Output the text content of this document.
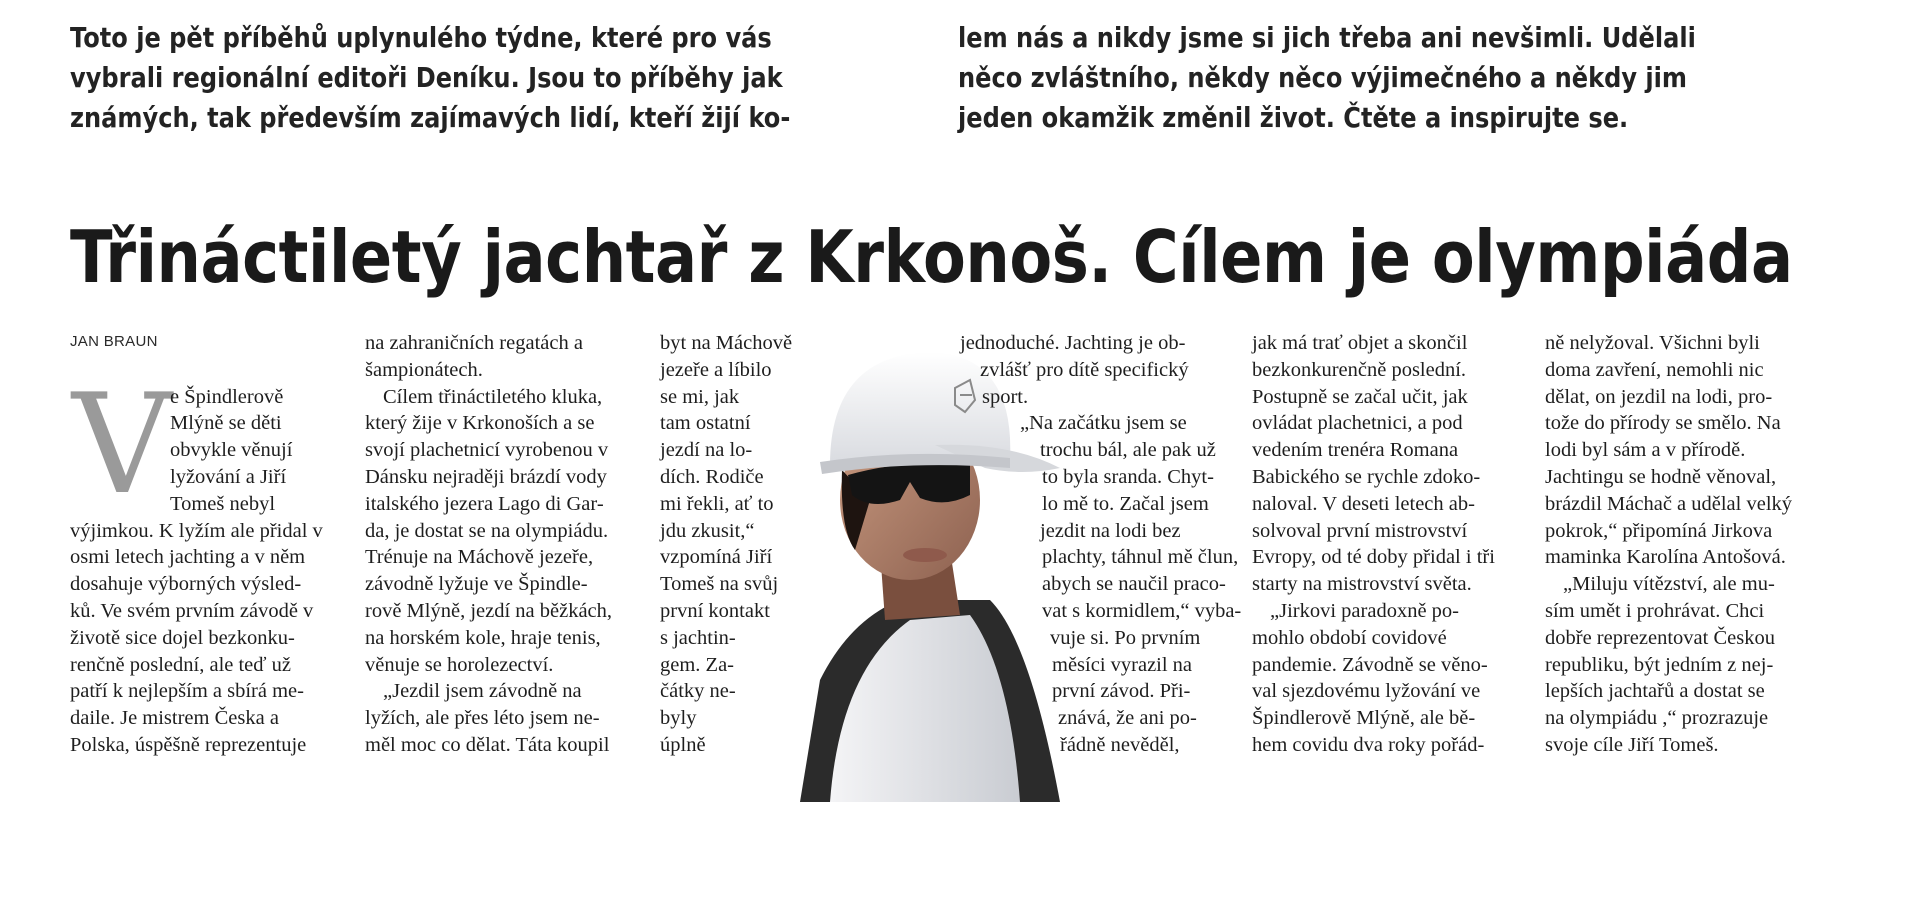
Toto je pět příběhů uplynulého týdne, které pro vás
vybrali regionální editoři Deníku. Jsou to příběhy jak
známých, tak především zajímavých lidí, kteří žijí ko-
lem nás a nikdy jsme si jich třeba ani nevšimli. Udělali
něco zvláštního, někdy něco výjimečného a někdy jim
jeden okamžik změnil život. Čtěte a inspirujte se.
Třináctiletý jachtař z Krkonoš. Cílem je olympiáda
JAN BRAUN
V

e Špindlerově
Mlýně se děti
obvykle věnují
lyžování a Jiří
Tomeš nebyl
výjimkou. K lyžím ale přidal v
osmi letech jachting a v něm
dosahuje výborných výsled-
ků. Ve svém prvním závodě v
životě sice dojel bezkonku-
renčně poslední, ale teď už
patří k nejlepším a sbírá me-
daile. Je mistrem Česka a
Polska, úspěšně reprezentuje
na zahraničních regatách a
šampionátech.
Cílem třináctiletého kluka,
který žije v Krkonoších a se
svojí plachetnicí vyrobenou v
Dánsku nejraději brázdí vody
italského jezera Lago di Gar-
da, je dostat se na olympiádu.
Trénuje na Máchově jezeře,
závodně lyžuje ve Špindle-
rově Mlýně, jezdí na běžkách,
na horském kole, hraje tenis,
věnuje se horolezectví.
„Jezdil jsem závodně na
lyžích, ale přes léto jsem ne-
měl moc co dělat. Táta koupil
byt na Máchově
jezeře a líbilo
se mi, jak
tam ostatní
jezdí na lo-
dích. Rodiče
mi řekli, ať to
jdu zkusit,“
vzpomíná Jiří
Tomeš na svůj
první kontakt
s jachtin-
gem. Za-
čátky ne-
byly
úplně
jednoduché. Jachting je ob-
zvlášť pro dítě specifický
sport.
„Na začátku jsem se
trochu bál, ale pak už
to byla sranda. Chyt-
lo mě to. Začal jsem
jezdit na lodi bez
plachty, táhnul mě člun,
abych se naučil praco-
vat s kormidlem,“ vyba-
vuje si. Po prvním
měsíci vyrazil na
první závod. Při-
znává, že ani po-
řádně nevěděl,
jak má trať objet a skončil
bezkonkurenčně poslední.
Postupně se začal učit, jak
ovládat plachetnici, a pod
vedením trenéra Romana
Babického se rychle zdoko-
naloval. V deseti letech ab-
solvoval první mistrovství
Evropy, od té doby přidal i tři
starty na mistrovství světa.
„Jirkovi paradoxně po-
mohlo období covidové
pandemie. Závodně se věno-
val sjezdovému lyžování ve
Špindlerově Mlýně, ale bě-
hem covidu dva roky pořád-
ně nelyžoval. Všichni byli
doma zavření, nemohli nic
dělat, on jezdil na lodi, pro-
tože do přírody se smělo. Na
lodi byl sám a v přírodě.
Jachtingu se hodně věnoval,
brázdil Máchač a udělal velký
pokrok,“ připomíná Jirkova
maminka Karolína Antošová.
„Miluju vítězství, ale mu-
sím umět i prohrávat. Chci
dobře reprezentovat Českou
republiku, být jedním z nej-
lepších jachtařů a dostat se
na olympiádu ,“ prozrazuje
svoje cíle Jiří Tomeš.
